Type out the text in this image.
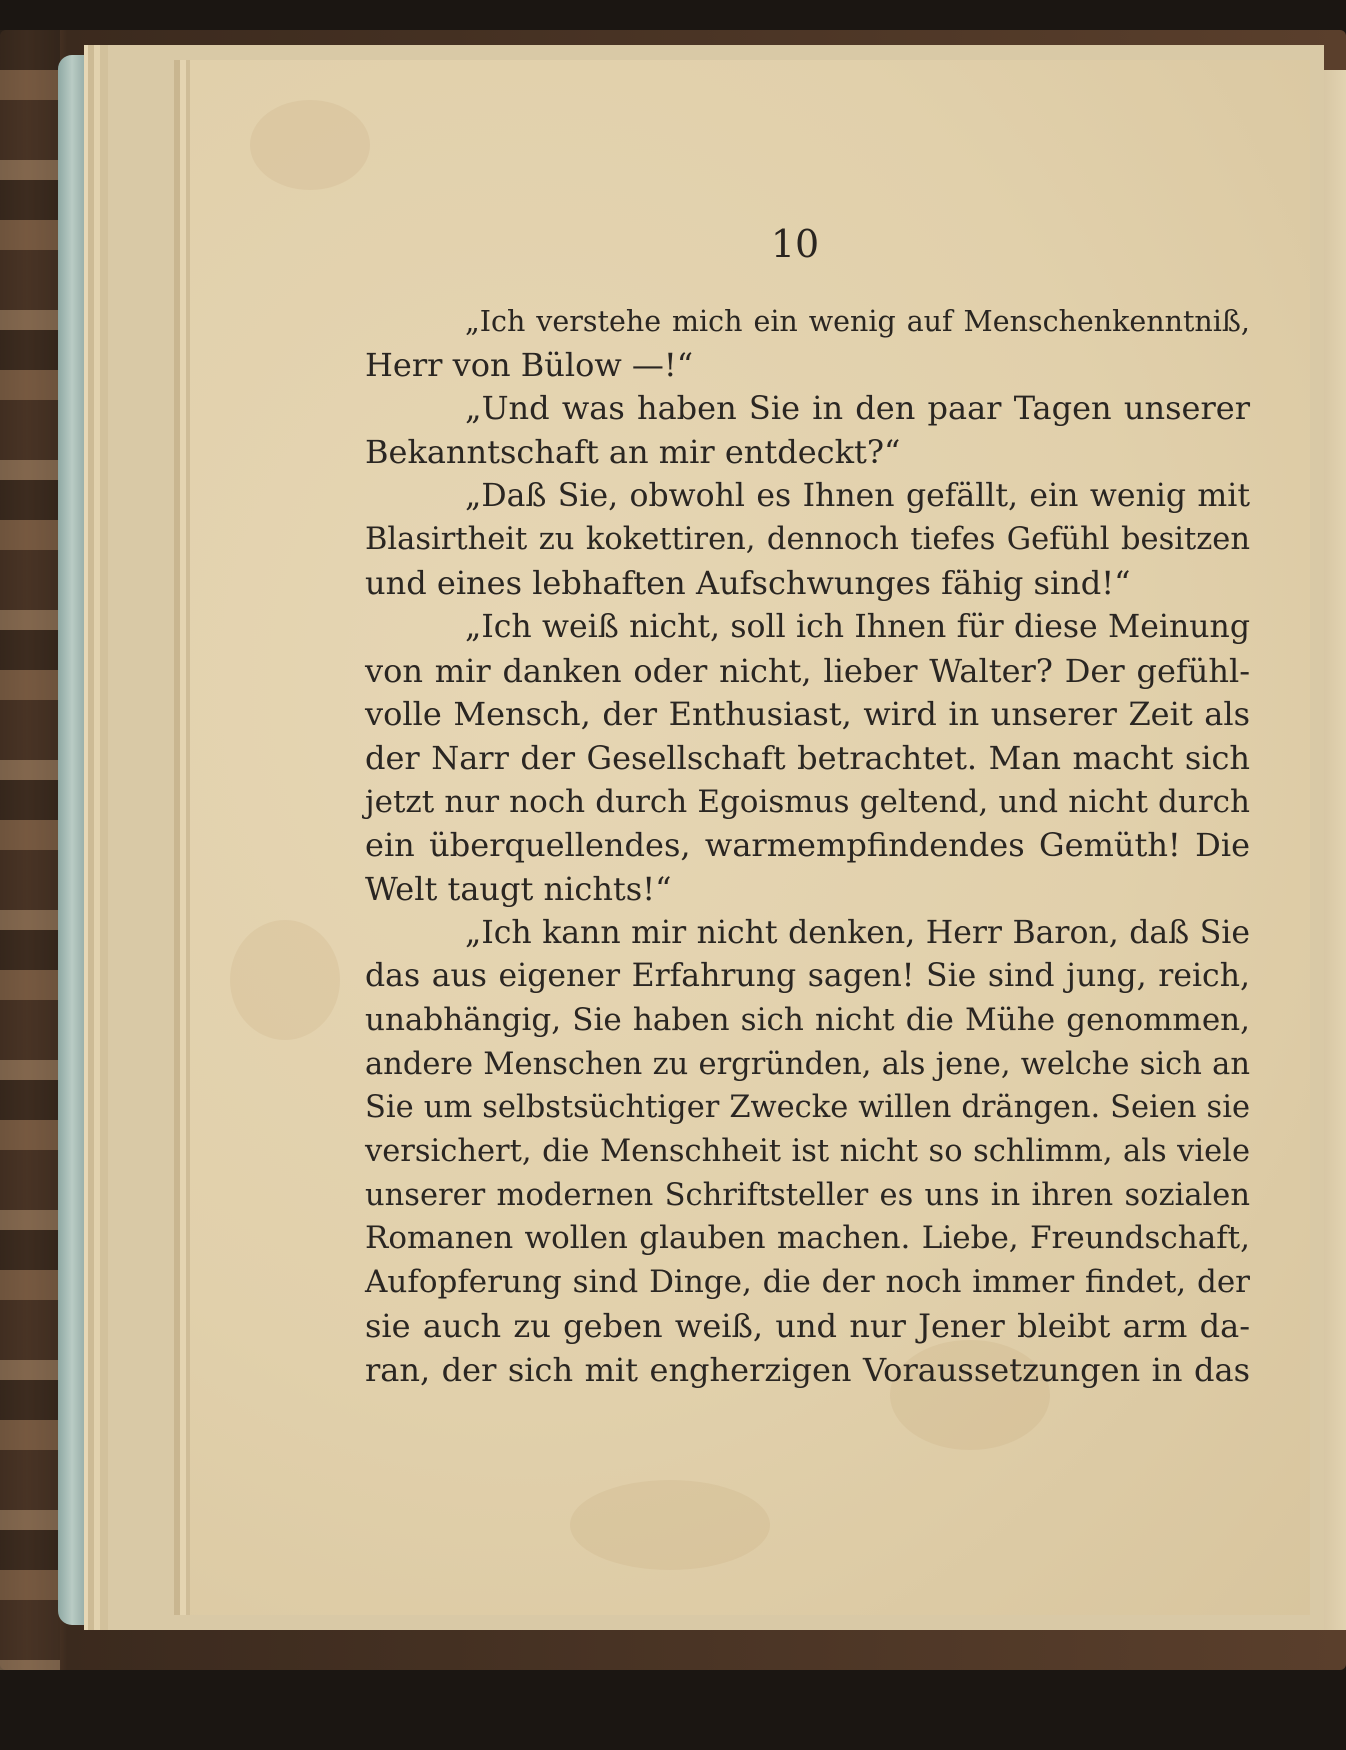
10
„Ich verstehe mich ein wenig auf Menschenkenntniß,
Herr von Bülow —!“
„Und was haben Sie in den paar Tagen unserer
Bekanntschaft an mir entdeckt?“
„Daß Sie, obwohl es Ihnen gefällt, ein wenig mit
Blasirtheit zu kokettiren, dennoch tiefes Gefühl besitzen
und eines lebhaften Aufschwunges fähig sind!“
„Ich weiß nicht, soll ich Ihnen für diese Meinung
von mir danken oder nicht, lieber Walter? Der gefühl-
volle Mensch, der Enthusiast, wird in unserer Zeit als
der Narr der Gesellschaft betrachtet. Man macht sich
jetzt nur noch durch Egoismus geltend, und nicht durch
ein überquellendes, warmempfindendes Gemüth! Die
Welt taugt nichts!“
„Ich kann mir nicht denken, Herr Baron, daß Sie
das aus eigener Erfahrung sagen! Sie sind jung, reich,
unabhängig, Sie haben sich nicht die Mühe genommen,
andere Menschen zu ergründen, als jene, welche sich an
Sie um selbstsüchtiger Zwecke willen drängen. Seien sie
versichert, die Menschheit ist nicht so schlimm, als viele
unserer modernen Schriftsteller es uns in ihren sozialen
Romanen wollen glauben machen. Liebe, Freundschaft,
Aufopferung sind Dinge, die der noch immer findet, der
sie auch zu geben weiß, und nur Jener bleibt arm da-
ran, der sich mit engherzigen Voraussetzungen in das
